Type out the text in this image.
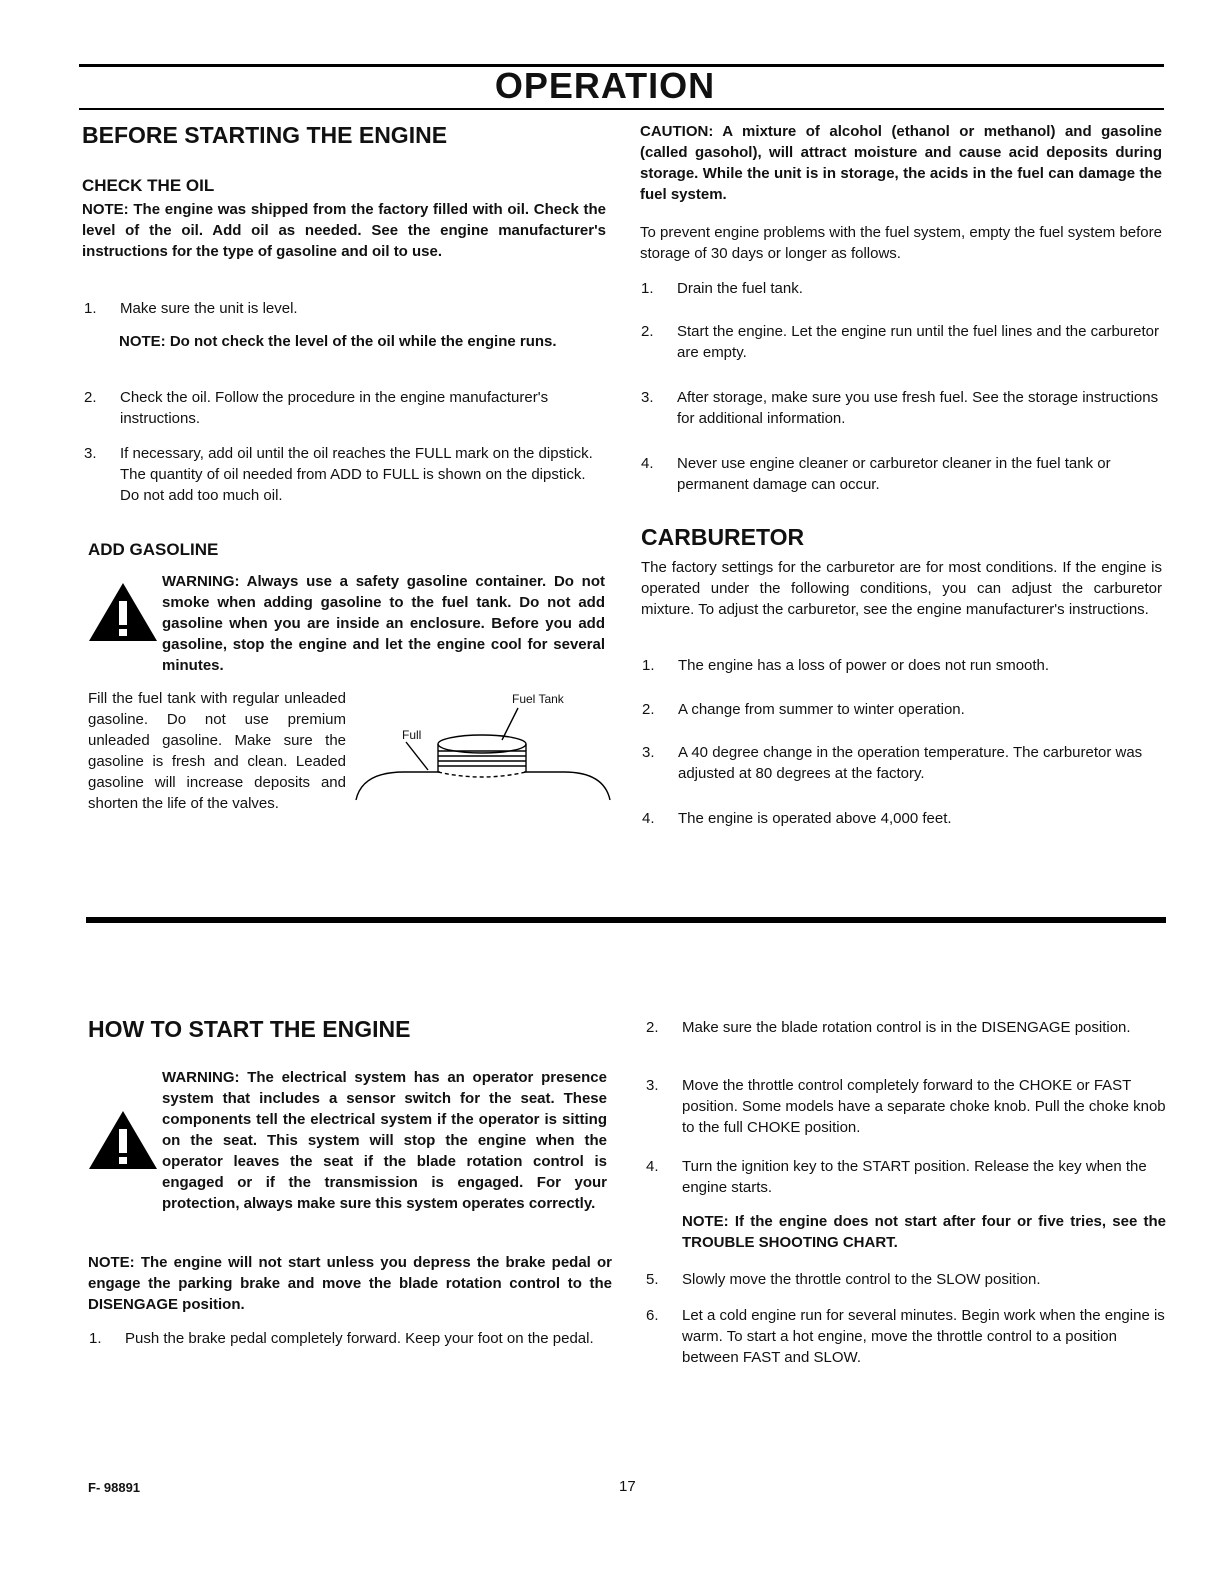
OPERATION
BEFORE STARTING THE ENGINE
CHECK THE OIL
NOTE: The engine was shipped from the factory filled with oil. Check the level of the oil. Add oil as needed. See the engine manufacturer's instructions for the type of gasoline and oil to use.
1. Make sure the unit is level.
NOTE: Do not check the level of the oil while the engine runs.
2. Check the oil. Follow the procedure in the engine manufacturer's instructions.
3. If necessary, add oil until the oil reaches the FULL mark on the dipstick. The quantity of oil needed from ADD to FULL is shown on the dipstick. Do not add too much oil.
ADD GASOLINE
WARNING: Always use a safety gasoline container. Do not smoke when adding gasoline to the fuel tank. Do not add gasoline when you are inside an enclosure. Before you add gasoline, stop the engine and let the engine cool for several minutes.
Fill the fuel tank with regular unleaded gasoline. Do not use premium unleaded gasoline. Make sure the gasoline is fresh and clean. Leaded gasoline will increase deposits and shorten the life of the valves.
Fuel Tank
Full
CAUTION: A mixture of alcohol (ethanol or methanol) and gasoline (called gasohol), will attract moisture and cause acid deposits during storage. While the unit is in storage, the acids in the fuel can damage the fuel system.
To prevent engine problems with the fuel system, empty the fuel system before storage of 30 days or longer as follows.
1. Drain the fuel tank.
2. Start the engine. Let the engine run until the fuel lines and the carburetor are empty.
3. After storage, make sure you use fresh fuel. See the storage instructions for additional information.
4. Never use engine cleaner or carburetor cleaner in the fuel tank or permanent damage can occur.
CARBURETOR
The factory settings for the carburetor are for most conditions. If the engine is operated under the following conditions, you can adjust the carburetor mixture. To adjust the carburetor, see the engine manufacturer's instructions.
1. The engine has a loss of power or does not run smooth.
2. A change from summer to winter operation.
3. A 40 degree change in the operation temperature. The carburetor was adjusted at 80 degrees at the factory.
4. The engine is operated above 4,000 feet.
HOW TO START THE ENGINE
WARNING: The electrical system has an operator presence system that includes a sensor switch for the seat. These components tell the electrical system if the operator is sitting on the seat. This system will stop the engine when the operator leaves the seat if the blade rotation control is engaged or if the transmission is engaged. For your protection, always make sure this system operates correctly.
NOTE: The engine will not start unless you depress the brake pedal or engage the parking brake and move the blade rotation control to the DISENGAGE position.
1. Push the brake pedal completely forward. Keep your foot on the pedal.
2. Make sure the blade rotation control is in the DISENGAGE position.
3. Move the throttle control completely forward to the CHOKE or FAST position. Some models have a separate choke knob. Pull the choke knob to the full CHOKE position.
4. Turn the ignition key to the START position. Release the key when the engine starts.
NOTE: If the engine does not start after four or five tries, see the TROUBLE SHOOTING CHART.
5. Slowly move the throttle control to the SLOW position.
6. Let a cold engine run for several minutes. Begin work when the engine is warm. To start a hot engine, move the throttle control to a position between FAST and SLOW.
F- 98891	17
